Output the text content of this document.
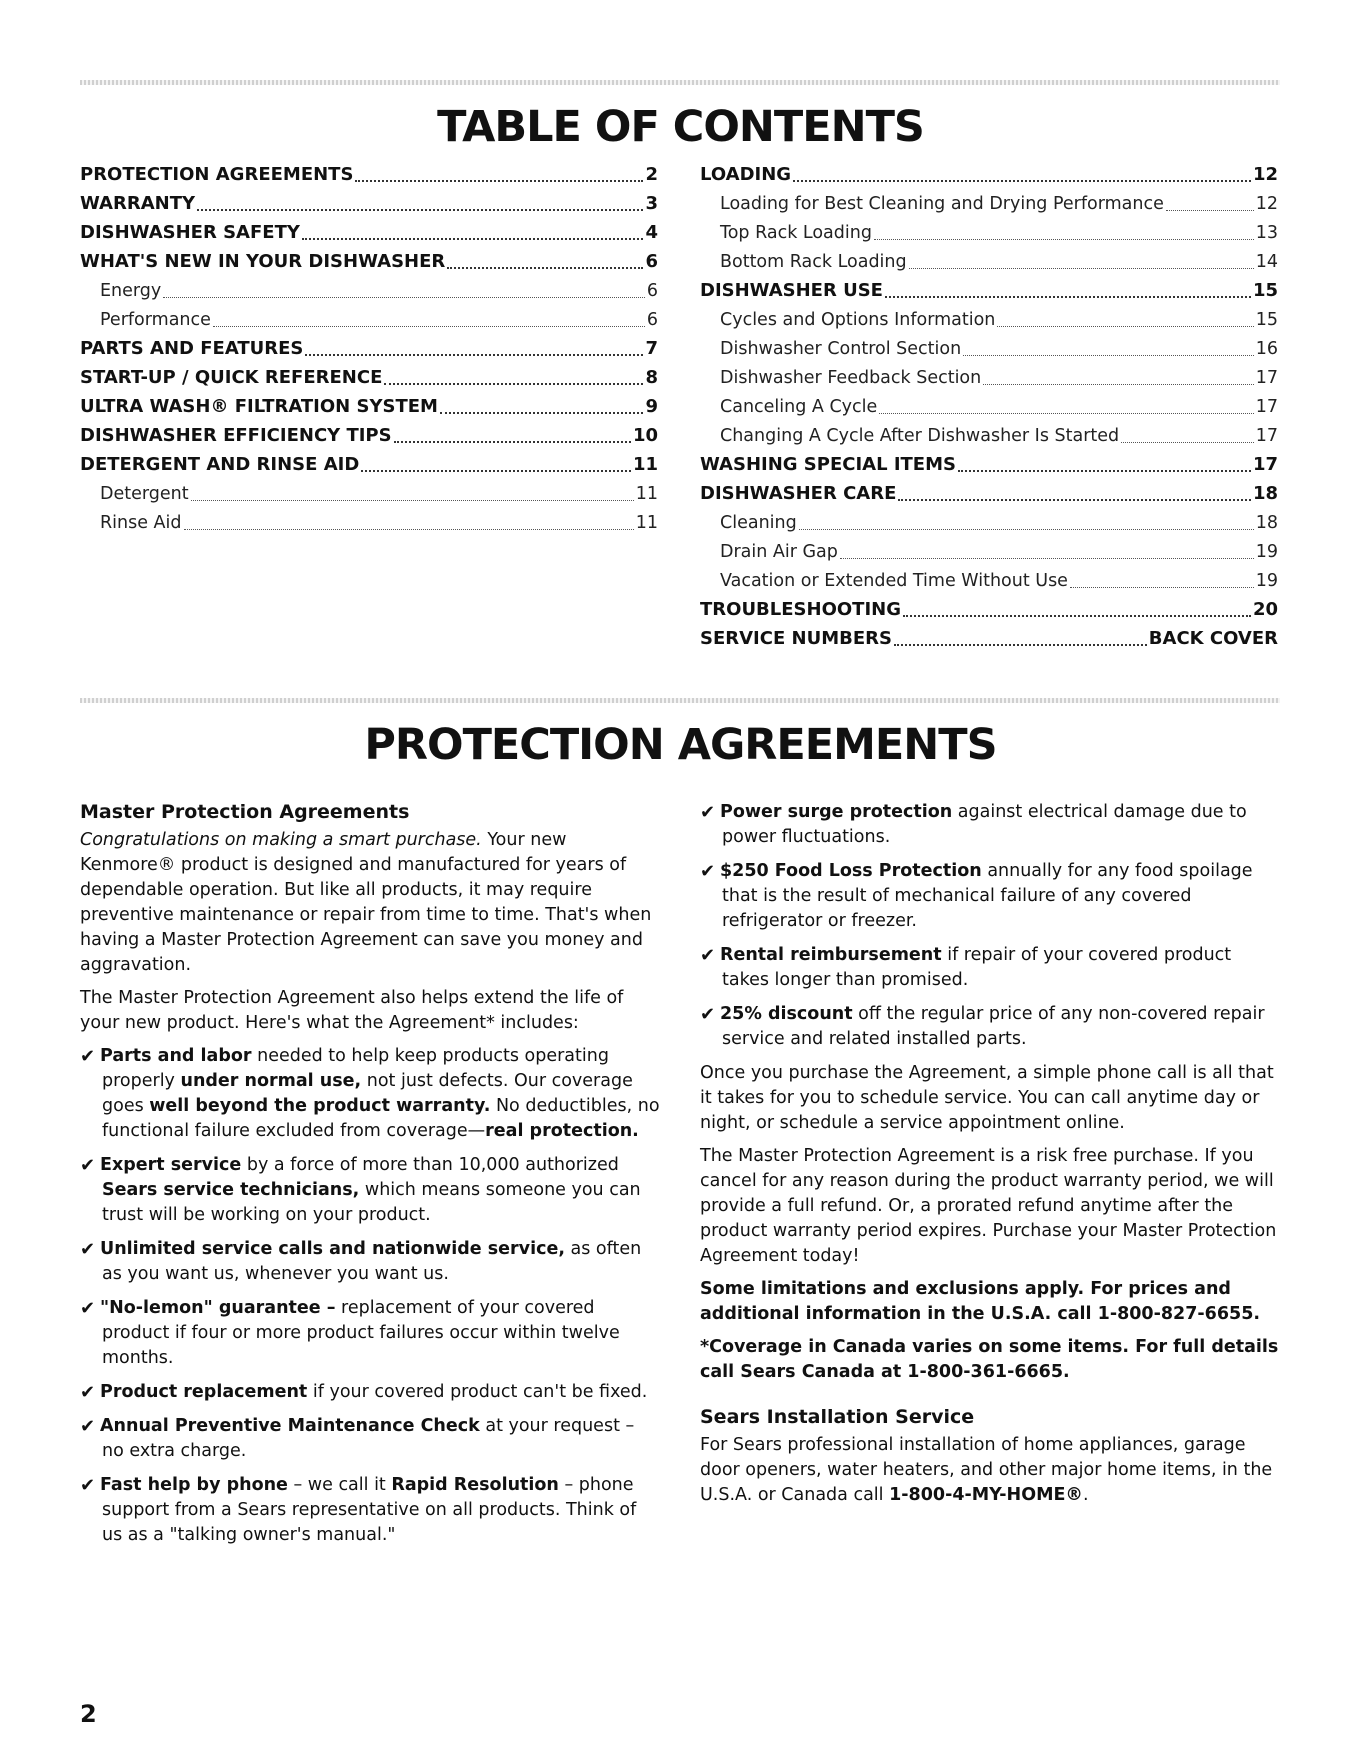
TABLE OF CONTENTS
PROTECTION AGREEMENTS	2
WARRANTY	3
DISHWASHER SAFETY	4
WHAT'S NEW IN YOUR DISHWASHER	6
Energy	6
Performance	6
PARTS AND FEATURES	7
START-UP / QUICK REFERENCE	8
ULTRA WASH® FILTRATION SYSTEM	9
DISHWASHER EFFICIENCY TIPS	10
DETERGENT AND RINSE AID	11
Detergent	11
Rinse Aid	11
LOADING	12
Loading for Best Cleaning and Drying Performance	12
Top Rack Loading	13
Bottom Rack Loading	14
DISHWASHER USE	15
Cycles and Options Information	15
Dishwasher Control Section	16
Dishwasher Feedback Section	17
Canceling A Cycle	17
Changing A Cycle After Dishwasher Is Started	17
WASHING SPECIAL ITEMS	17
DISHWASHER CARE	18
Cleaning	18
Drain Air Gap	19
Vacation or Extended Time Without Use	19
TROUBLESHOOTING	20
SERVICE NUMBERS	BACK COVER
PROTECTION AGREEMENTS

Master Protection Agreements

Congratulations on making a smart purchase. Your new Kenmore® product is designed and manufactured for years of dependable operation. But like all products, it may require preventive maintenance or repair from time to time. That's when having a Master Protection Agreement can save you money and aggravation.

The Master Protection Agreement also helps extend the life of your new product. Here's what the Agreement* includes:

✔ Parts and labor needed to help keep products operating properly under normal use, not just defects. Our coverage goes well beyond the product warranty. No deductibles, no functional failure excluded from coverage—real protection.
✔ Expert service by a force of more than 10,000 authorized Sears service technicians, which means someone you can trust will be working on your product.
✔ Unlimited service calls and nationwide service, as often as you want us, whenever you want us.
✔ "No-lemon" guarantee – replacement of your covered product if four or more product failures occur within twelve months.
✔ Product replacement if your covered product can't be fixed.
✔ Annual Preventive Maintenance Check at your request – no extra charge.
✔ Fast help by phone – we call it Rapid Resolution – phone support from a Sears representative on all products. Think of us as a "talking owner's manual."
✔ Power surge protection against electrical damage due to power fluctuations.
✔ $250 Food Loss Protection annually for any food spoilage that is the result of mechanical failure of any covered refrigerator or freezer.
✔ Rental reimbursement if repair of your covered product takes longer than promised.
✔ 25% discount off the regular price of any non-covered repair service and related installed parts.

Once you purchase the Agreement, a simple phone call is all that it takes for you to schedule service. You can call anytime day or night, or schedule a service appointment online.

The Master Protection Agreement is a risk free purchase. If you cancel for any reason during the product warranty period, we will provide a full refund. Or, a prorated refund anytime after the product warranty period expires. Purchase your Master Protection Agreement today!

Some limitations and exclusions apply. For prices and additional information in the U.S.A. call 1-800-827-6655.

*Coverage in Canada varies on some items. For full details call Sears Canada at 1-800-361-6665.

Sears Installation Service

For Sears professional installation of home appliances, garage door openers, water heaters, and other major home items, in the U.S.A. or Canada call 1-800-4-MY-HOME®.

2
